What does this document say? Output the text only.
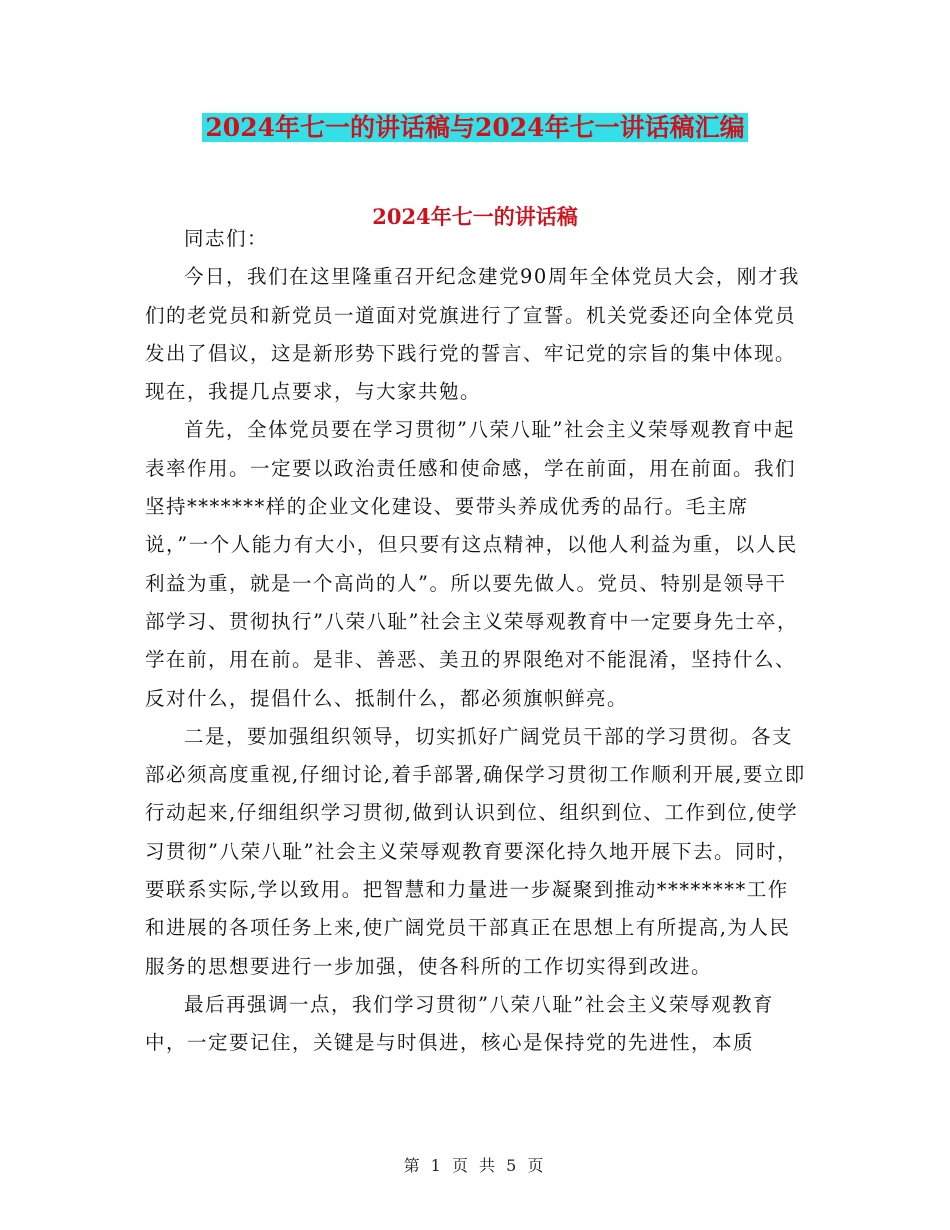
2024年七一的讲话稿与2024年七一讲话稿汇编
2024年七一的讲话稿

同志们：

今日，我们在这里隆重召开纪念建党90周年全体党员大会，刚才我们的老党员和新党员一道面对党旗进行了宣誓。机关党委还向全体党员发出了倡议，这是新形势下践行党的誓言、牢记党的宗旨的集中体现。现在，我提几点要求，与大家共勉。

首先，全体党员要在学习贯彻”八荣八耻”社会主义荣辱观教育中起表率作用。一定要以政治责任感和使命感，学在前面，用在前面。我们坚持*******样的企业文化建设、要带头养成优秀的品行。毛主席说，”一个人能力有大小，但只要有这点精神，以他人利益为重，以人民利益为重，就是一个高尚的人”。所以要先做人。党员、特别是领导干部学习、贯彻执行”八荣八耻”社会主义荣辱观教育中一定要身先士卒，学在前，用在前。是非、善恶、美丑的界限绝对不能混淆，坚持什么、反对什么，提倡什么、抵制什么，都必须旗帜鲜亮。

二是，要加强组织领导，切实抓好广阔党员干部的学习贯彻。各支部必须高度重视,仔细讨论,着手部署,确保学习贯彻工作顺利开展,要立即行动起来,仔细组织学习贯彻,做到认识到位、组织到位、工作到位,使学习贯彻”八荣八耻”社会主义荣辱观教育要深化持久地开展下去。同时，要联系实际,学以致用。把智慧和力量进一步凝聚到推动********工作和进展的各项任务上来,使广阔党员干部真正在思想上有所提高,为人民服务的思想要进行一步加强，使各科所的工作切实得到改进。

最后再强调一点，我们学习贯彻”八荣八耻”社会主义荣辱观教育中，一定要记住，关键是与时俱进，核心是保持党的先进性，本质

第 1 页 共 5 页
